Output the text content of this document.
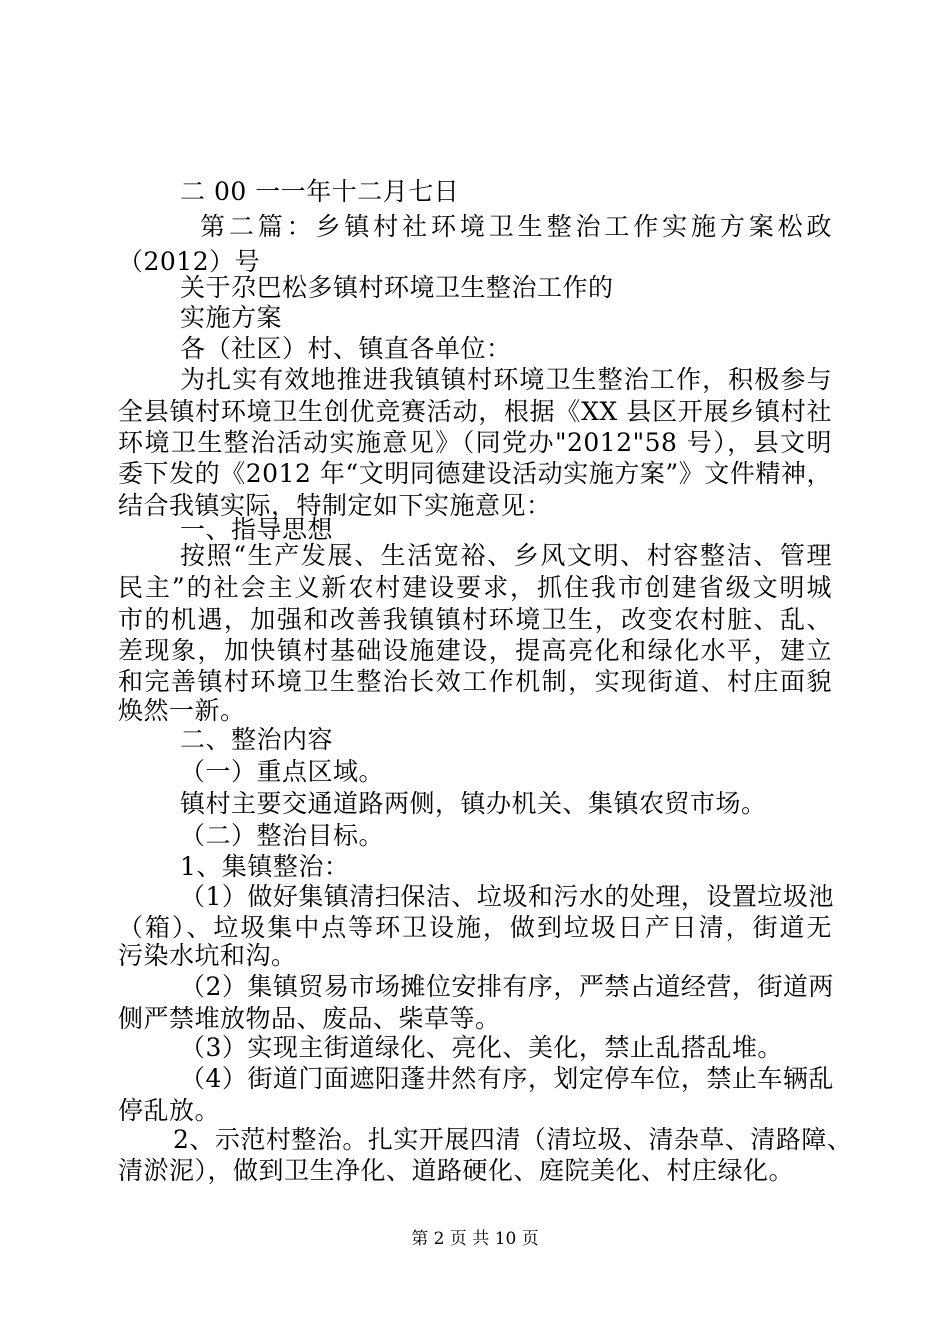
二 00 一一年十二月七日
第二篇：乡镇村社环境卫生整治工作实施方案松政
（2012）号
关于尕巴松多镇村环境卫生整治工作的
实施方案
各（社区）村、镇直各单位：
为扎实有效地推进我镇镇村环境卫生整治工作，积极参与
全县镇村环境卫生创优竞赛活动，根据《XX 县区开展乡镇村社
环境卫生整治活动实施意见》（同党办"2012"58 号），县文明
委下发的《2012 年“文明同德建设活动实施方案”》文件精神，
结合我镇实际，特制定如下实施意见：
一、指导思想
按照“生产发展、生活宽裕、乡风文明、村容整洁、管理
民主”的社会主义新农村建设要求，抓住我市创建省级文明城
市的机遇，加强和改善我镇镇村环境卫生，改变农村脏、乱、
差现象，加快镇村基础设施建设，提高亮化和绿化水平，建立
和完善镇村环境卫生整治长效工作机制，实现街道、村庄面貌
焕然一新。
二、整治内容
（一）重点区域。
镇村主要交通道路两侧，镇办机关、集镇农贸市场。
（二）整治目标。
1、集镇整治：
（1）做好集镇清扫保洁、垃圾和污水的处理，设置垃圾池
（箱）、垃圾集中点等环卫设施，做到垃圾日产日清，街道无
污染水坑和沟。
（2）集镇贸易市场摊位安排有序，严禁占道经营，街道两
侧严禁堆放物品、废品、柴草等。
（3）实现主街道绿化、亮化、美化，禁止乱搭乱堆。
（4）街道门面遮阳蓬井然有序，划定停车位，禁止车辆乱
停乱放。
2、示范村整治。扎实开展四清（清垃圾、清杂草、清路障、
清淤泥），做到卫生净化、道路硬化、庭院美化、村庄绿化。
第 2 页 共 10 页
